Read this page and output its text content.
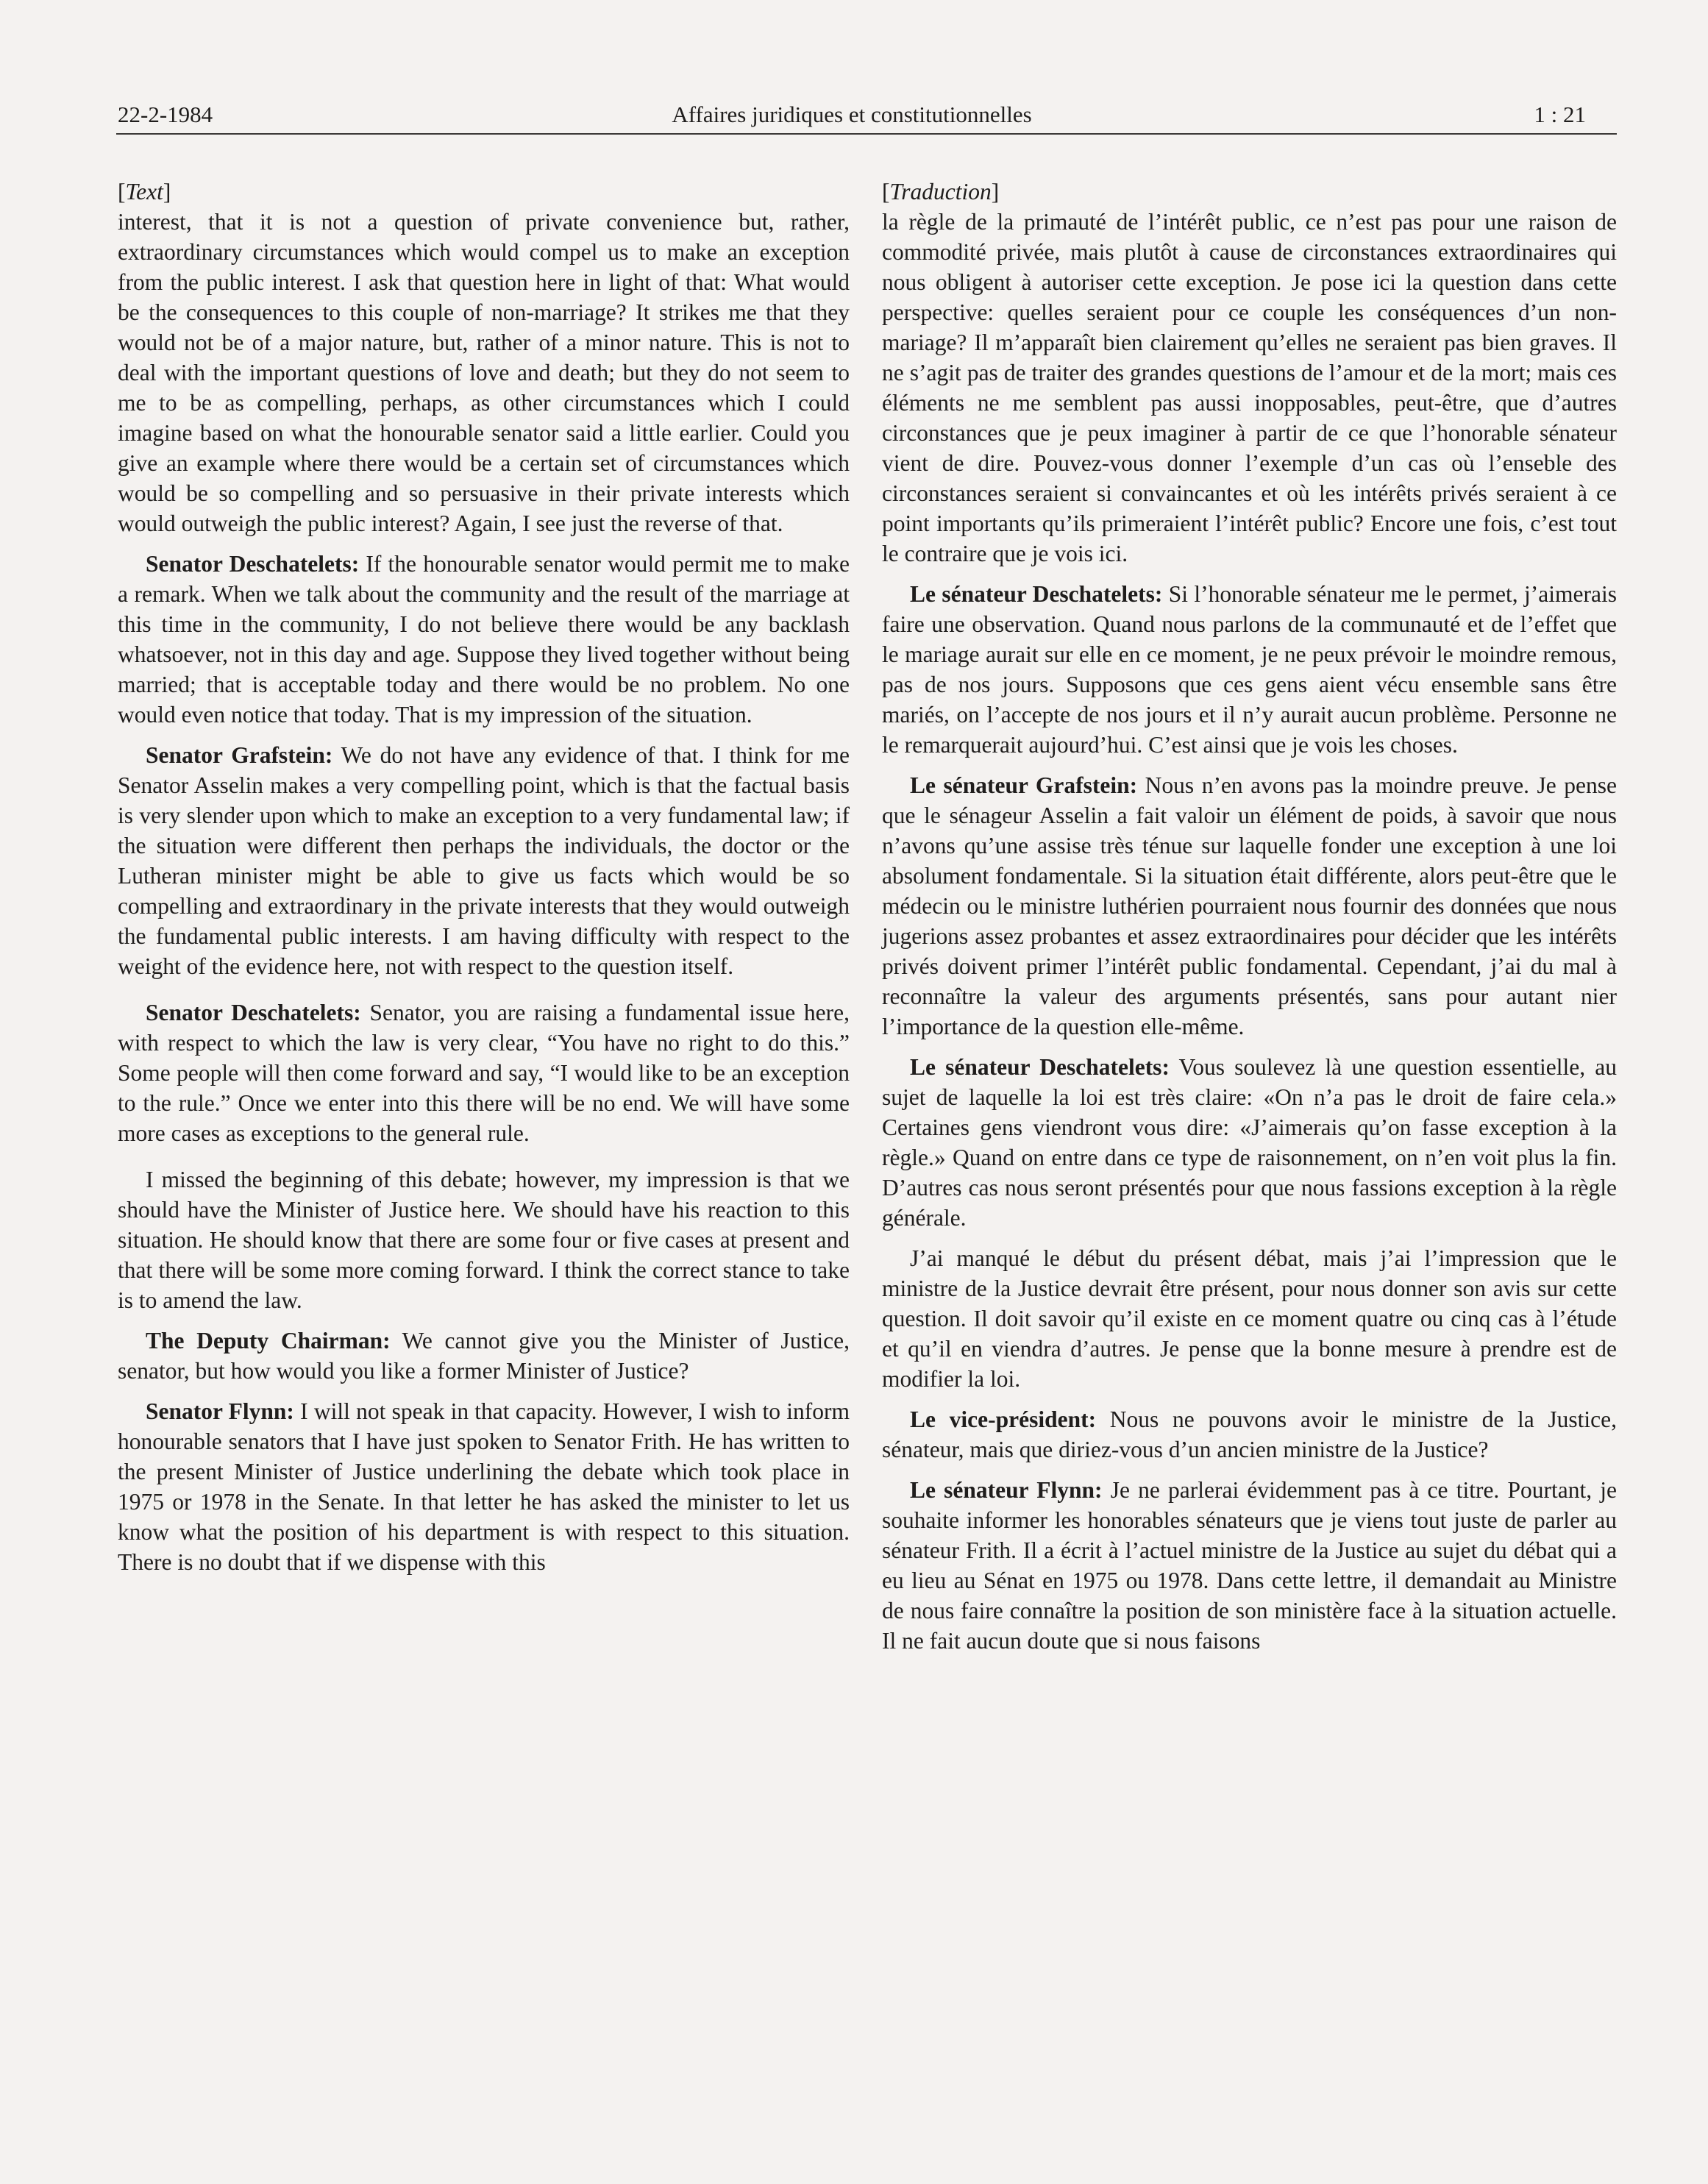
22-2-1984	Affaires juridiques et constitutionnelles	1 : 21
[Text]

interest, that it is not a question of private convenience but, rather, extraordinary circumstances which would compel us to make an exception from the public interest. I ask that question here in light of that: What would be the consequences to this couple of non-marriage? It strikes me that they would not be of a major nature, but, rather of a minor nature. This is not to deal with the important questions of love and death; but they do not seem to me to be as compelling, perhaps, as other circumstances which I could imagine based on what the honourable senator said a little earlier. Could you give an example where there would be a certain set of circumstances which would be so compelling and so persuasive in their private interests which would outweigh the public interest? Again, I see just the reverse of that.

Senator Deschatelets: If the honourable senator would permit me to make a remark. When we talk about the community and the result of the marriage at this time in the community, I do not believe there would be any backlash whatsoever, not in this day and age. Suppose they lived together without being married; that is acceptable today and there would be no problem. No one would even notice that today. That is my impression of the situation.

Senator Grafstein: We do not have any evidence of that. I think for me Senator Asselin makes a very compelling point, which is that the factual basis is very slender upon which to make an exception to a very fundamental law; if the situation were different then perhaps the individuals, the doctor or the Lutheran minister might be able to give us facts which would be so compelling and extraordinary in the private interests that they would outweigh the fundamental public interests. I am having difficulty with respect to the weight of the evidence here, not with respect to the question itself.

Senator Deschatelets: Senator, you are raising a fundamental issue here, with respect to which the law is very clear, “You have no right to do this.” Some people will then come forward and say, “I would like to be an exception to the rule.” Once we enter into this there will be no end. We will have some more cases as exceptions to the general rule.

I missed the beginning of this debate; however, my impression is that we should have the Minister of Justice here. We should have his reaction to this situation. He should know that there are some four or five cases at present and that there will be some more coming forward. I think the correct stance to take is to amend the law.

The Deputy Chairman: We cannot give you the Minister of Justice, senator, but how would you like a former Minister of Justice?

Senator Flynn: I will not speak in that capacity. However, I wish to inform honourable senators that I have just spoken to Senator Frith. He has written to the present Minister of Justice underlining the debate which took place in 1975 or 1978 in the Senate. In that letter he has asked the minister to let us know what the position of his department is with respect to this situation. There is no doubt that if we dispense with this

[Traduction]

la règle de la primauté de l’intérêt public, ce n’est pas pour une raison de commodité privée, mais plutôt à cause de circonstances extraordinaires qui nous obligent à autoriser cette exception. Je pose ici la question dans cette perspective: quelles seraient pour ce couple les conséquences d’un non-mariage? Il m’apparaît bien clairement qu’elles ne seraient pas bien graves. Il ne s’agit pas de traiter des grandes questions de l’amour et de la mort; mais ces éléments ne me semblent pas aussi inopposables, peut-être, que d’autres circonstances que je peux imaginer à partir de ce que l’honorable sénateur vient de dire. Pouvez-vous donner l’exemple d’un cas où l’enseble des circonstances seraient si convaincantes et où les intérêts privés seraient à ce point importants qu’ils primeraient l’intérêt public? Encore une fois, c’est tout le contraire que je vois ici.

Le sénateur Deschatelets: Si l’honorable sénateur me le permet, j’aimerais faire une observation. Quand nous parlons de la communauté et de l’effet que le mariage aurait sur elle en ce moment, je ne peux prévoir le moindre remous, pas de nos jours. Supposons que ces gens aient vécu ensemble sans être mariés, on l’accepte de nos jours et il n’y aurait aucun problème. Personne ne le remarquerait aujourd’hui. C’est ainsi que je vois les choses.

Le sénateur Grafstein: Nous n’en avons pas la moindre preuve. Je pense que le sénageur Asselin a fait valoir un élément de poids, à savoir que nous n’avons qu’une assise très ténue sur laquelle fonder une exception à une loi absolument fondamentale. Si la situation était différente, alors peut-être que le médecin ou le ministre luthérien pourraient nous fournir des données que nous jugerions assez probantes et assez extraordinaires pour décider que les intérêts privés doivent primer l’intérêt public fondamental. Cependant, j’ai du mal à reconnaître la valeur des arguments présentés, sans pour autant nier l’importance de la question elle-même.

Le sénateur Deschatelets: Vous soulevez là une question essentielle, au sujet de laquelle la loi est très claire: «On n’a pas le droit de faire cela.» Certaines gens viendront vous dire: «J’aimerais qu’on fasse exception à la règle.» Quand on entre dans ce type de raisonnement, on n’en voit plus la fin. D’autres cas nous seront présentés pour que nous fassions exception à la règle générale.

J’ai manqué le début du présent débat, mais j’ai l’impression que le ministre de la Justice devrait être présent, pour nous donner son avis sur cette question. Il doit savoir qu’il existe en ce moment quatre ou cinq cas à l’étude et qu’il en viendra d’autres. Je pense que la bonne mesure à prendre est de modifier la loi.

Le vice-président: Nous ne pouvons avoir le ministre de la Justice, sénateur, mais que diriez-vous d’un ancien ministre de la Justice?

Le sénateur Flynn: Je ne parlerai évidemment pas à ce titre. Pourtant, je souhaite informer les honorables sénateurs que je viens tout juste de parler au sénateur Frith. Il a écrit à l’actuel ministre de la Justice au sujet du débat qui a eu lieu au Sénat en 1975 ou 1978. Dans cette lettre, il demandait au Ministre de nous faire connaître la position de son ministère face à la situation actuelle. Il ne fait aucun doute que si nous faisons
